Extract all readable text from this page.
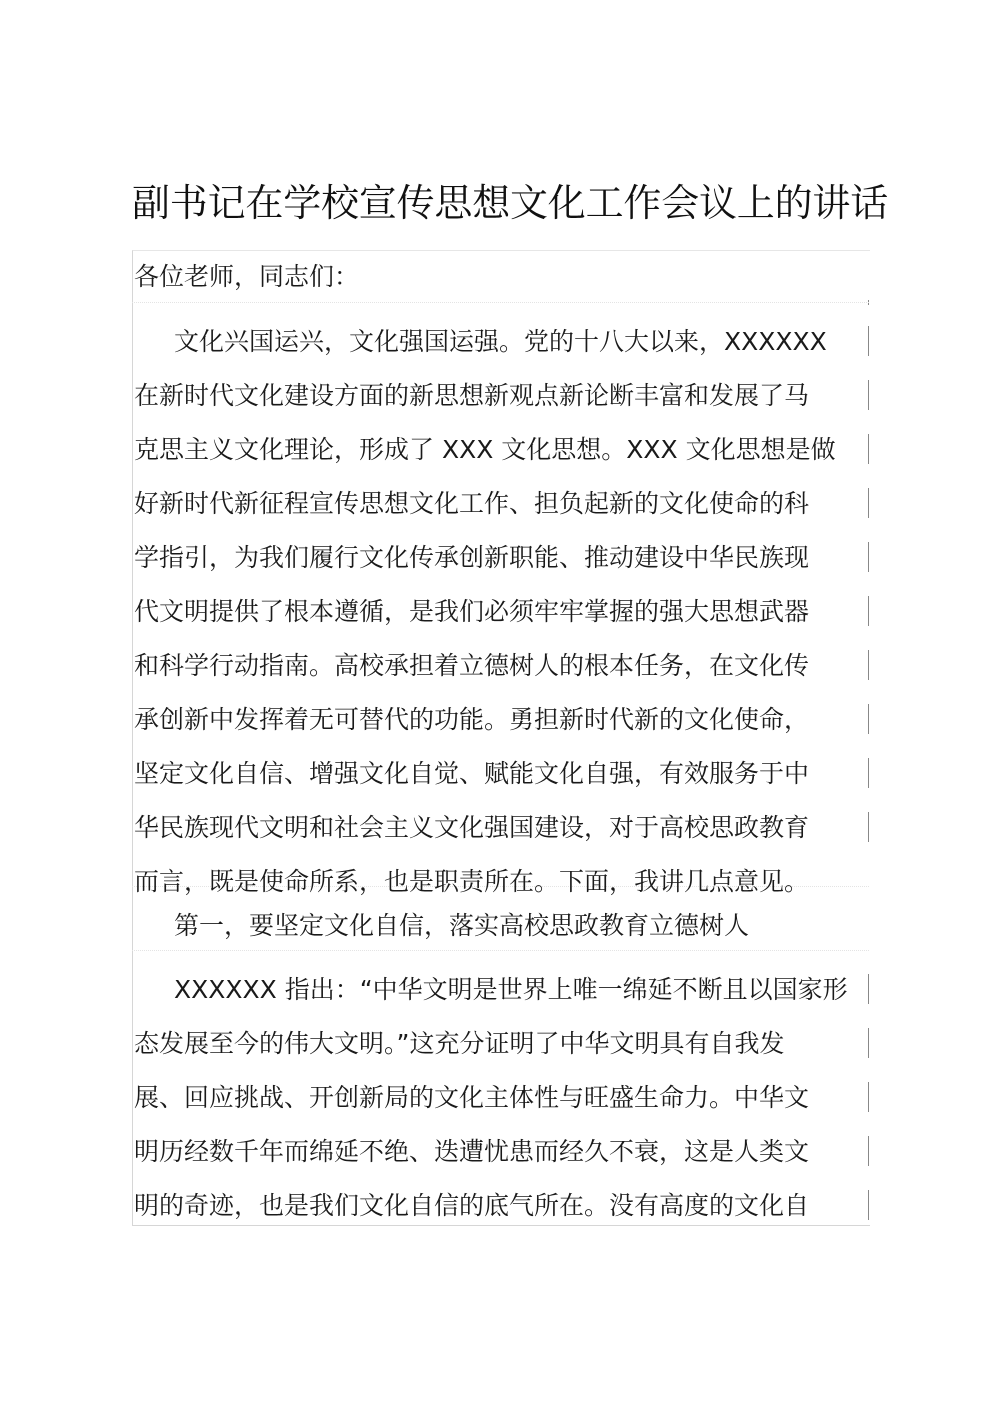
副书记在学校宣传思想文化工作会议上的讲话
各位老师，同志们：
文化兴国运兴，文化强国运强。党的十八大以来，XXXXXX
在新时代文化建设方面的新思想新观点新论断丰富和发展了马
克思主义文化理论，形成了 XXX 文化思想。XXX 文化思想是做
好新时代新征程宣传思想文化工作、担负起新的文化使命的科
学指引，为我们履行文化传承创新职能、推动建设中华民族现
代文明提供了根本遵循，是我们必须牢牢掌握的强大思想武器
和科学行动指南。高校承担着立德树人的根本任务，在文化传
承创新中发挥着无可替代的功能。勇担新时代新的文化使命，
坚定文化自信、增强文化自觉、赋能文化自强，有效服务于中
华民族现代文明和社会主义文化强国建设，对于高校思政教育
而言，既是使命所系，也是职责所在。下面，我讲几点意见。
第一，要坚定文化自信，落实高校思政教育立德树人
XXXXXX 指出：“中华文明是世界上唯一绵延不断且以国家形
态发展至今的伟大文明。”这充分证明了中华文明具有自我发
展、回应挑战、开创新局的文化主体性与旺盛生命力。中华文
明历经数千年而绵延不绝、迭遭忧患而经久不衰，这是人类文
明的奇迹，也是我们文化自信的底气所在。没有高度的文化自
